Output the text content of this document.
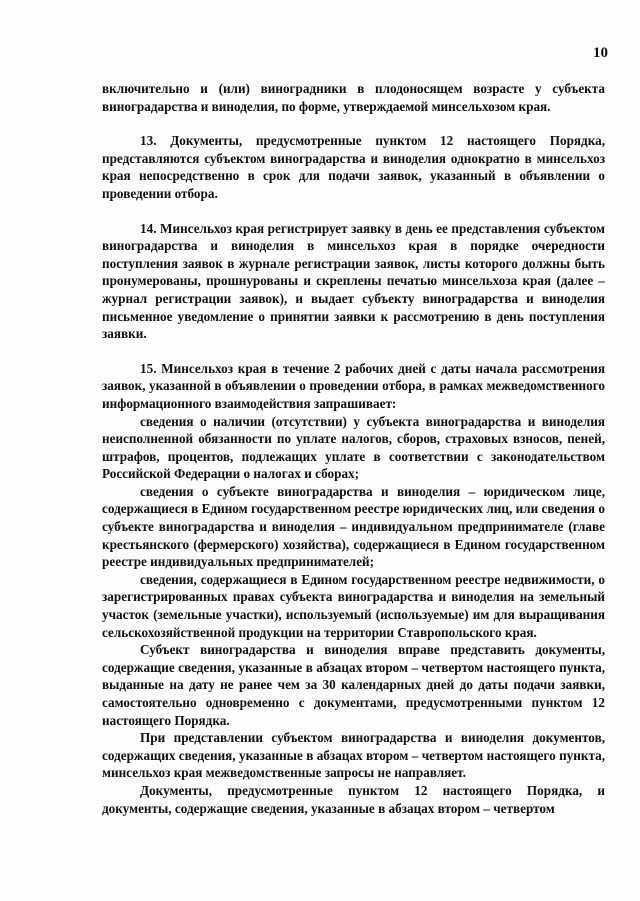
10

включительно и (или) виноградники в плодоносящем возрасте у субъекта виноградарства и виноделия, по форме, утверждаемой минсельхозом края.

13. Документы, предусмотренные пунктом 12 настоящего Порядка, представляются субъектом виноградарства и виноделия однократно в минсельхоз края непосредственно в срок для подачи заявок, указанный в объявлении о проведении отбора.

14. Минсельхоз края регистрирует заявку в день ее представления субъектом виноградарства и виноделия в минсельхоз края в порядке очередности поступления заявок в журнале регистрации заявок, листы которого должны быть пронумерованы, прошнурованы и скреплены печатью минсельхоза края (далее – журнал регистрации заявок), и выдает субъекту виноградарства и виноделия письменное уведомление о принятии заявки к рассмотрению в день поступления заявки.

15. Минсельхоз края в течение 2 рабочих дней с даты начала рассмотрения заявок, указанной в объявлении о проведении отбора, в рамках межведомственного информационного взаимодействия запрашивает:

сведения о наличии (отсутствии) у субъекта виноградарства и виноделия неисполненной обязанности по уплате налогов, сборов, страховых взносов, пеней, штрафов, процентов, подлежащих уплате в соответствии с законодательством Российской Федерации о налогах и сборах;

сведения о субъекте виноградарства и виноделия – юридическом лице, содержащиеся в Едином государственном реестре юридических лиц, или сведения о субъекте виноградарства и виноделия – индивидуальном предпринимателе (главе крестьянского (фермерского) хозяйства), содержащиеся в Едином государственном реестре индивидуальных предпринимателей;

сведения, содержащиеся в Едином государственном реестре недвижимости, о зарегистрированных правах субъекта виноградарства и виноделия на земельный участок (земельные участки), используемый (используемые) им для выращивания сельскохозяйственной продукции на территории Ставропольского края.

Субъект виноградарства и виноделия вправе представить документы, содержащие сведения, указанные в абзацах втором – четвертом настоящего пункта, выданные на дату не ранее чем за 30 календарных дней до даты подачи заявки, самостоятельно одновременно с документами, предусмотренными пунктом 12 настоящего Порядка.

При представлении субъектом виноградарства и виноделия документов, содержащих сведения, указанные в абзацах втором – четвертом настоящего пункта, минсельхоз края межведомственные запросы не направляет.

Документы, предусмотренные пунктом 12 настоящего Порядка, и документы, содержащие сведения, указанные в абзацах втором – четвертом
